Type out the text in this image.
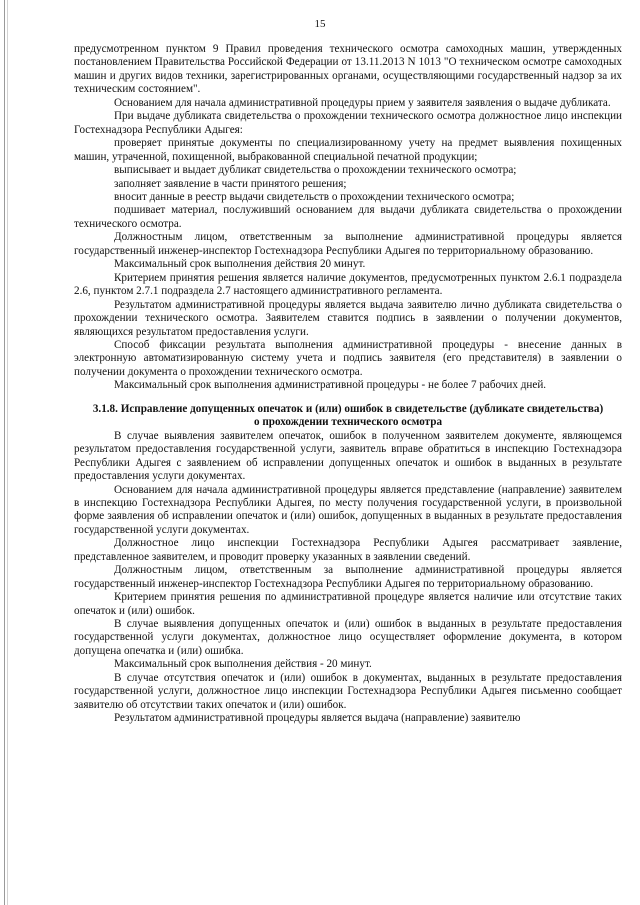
15

предусмотренном пунктом 9 Правил проведения технического осмотра самоходных машин, утвержденных постановлением Правительства Российской Федерации от 13.11.2013 N 1013 "О техническом осмотре самоходных машин и других видов техники, зарегистрированных органами, осуществляющими государственный надзор за их техническим состоянием".

Основанием для начала административной процедуры прием у заявителя заявления о выдаче дубликата.

При выдаче дубликата свидетельства о прохождении технического осмотра должностное лицо инспекции Гостехнадзора Республики Адыгея:

проверяет принятые документы по специализированному учету на предмет выявления похищенных машин, утраченной, похищенной, выбракованной специальной печатной продукции;

выписывает и выдает дубликат свидетельства о прохождении технического осмотра;

заполняет заявление в части принятого решения;

вносит данные в реестр выдачи свидетельств о прохождении технического осмотра;

подшивает материал, послуживший основанием для выдачи дубликата свидетельства о прохождении технического осмотра.

Должностным лицом, ответственным за выполнение административной процедуры является государственный инженер-инспектор Гостехнадзора Республики Адыгея по территориальному образованию.

Максимальный срок выполнения действия 20 минут.

Критерием принятия решения является наличие документов, предусмотренных пунктом 2.6.1 подраздела 2.6, пунктом 2.7.1 подраздела 2.7 настоящего административного регламента.

Результатом административной процедуры является выдача заявителю лично дубликата свидетельства о прохождении технического осмотра. Заявителем ставится подпись в заявлении о получении документов, являющихся результатом предоставления услуги.

Способ фиксации результата выполнения административной процедуры - внесение данных в электронную автоматизированную систему учета и подпись заявителя (его представителя) в заявлении о получении документа о прохождении технического осмотра.

Максимальный срок выполнения административной процедуры - не более 7 рабочих дней.

3.1.8. Исправление допущенных опечаток и (или) ошибок в свидетельстве (дубликате свидетельства) о прохождении технического осмотра

В случае выявления заявителем опечаток, ошибок в полученном заявителем документе, являющемся результатом предоставления государственной услуги, заявитель вправе обратиться в инспекцию Гостехнадзора Республики Адыгея с заявлением об исправлении допущенных опечаток и ошибок в выданных в результате предоставления услуги документах.

Основанием для начала административной процедуры является представление (направление) заявителем в инспекцию Гостехнадзора Республики Адыгея, по месту получения государственной услуги, в произвольной форме заявления об исправлении опечаток и (или) ошибок, допущенных в выданных в результате предоставления государственной услуги документах.

Должностное лицо инспекции Гостехнадзора Республики Адыгея рассматривает заявление, представленное заявителем, и проводит проверку указанных в заявлении сведений.

Должностным лицом, ответственным за выполнение административной процедуры является государственный инженер-инспектор Гостехнадзора Республики Адыгея по территориальному образованию.

Критерием принятия решения по административной процедуре является наличие или отсутствие таких опечаток и (или) ошибок.

В случае выявления допущенных опечаток и (или) ошибок в выданных в результате предоставления государственной услуги документах, должностное лицо осуществляет оформление документа, в котором допущена опечатка и (или) ошибка.

Максимальный срок выполнения действия - 20 минут.

В случае отсутствия опечаток и (или) ошибок в документах, выданных в результате предоставления государственной услуги, должностное лицо инспекции Гостехнадзора Республики Адыгея письменно сообщает заявителю об отсутствии таких опечаток и (или) ошибок.

Результатом административной процедуры является выдача (направление) заявителю
